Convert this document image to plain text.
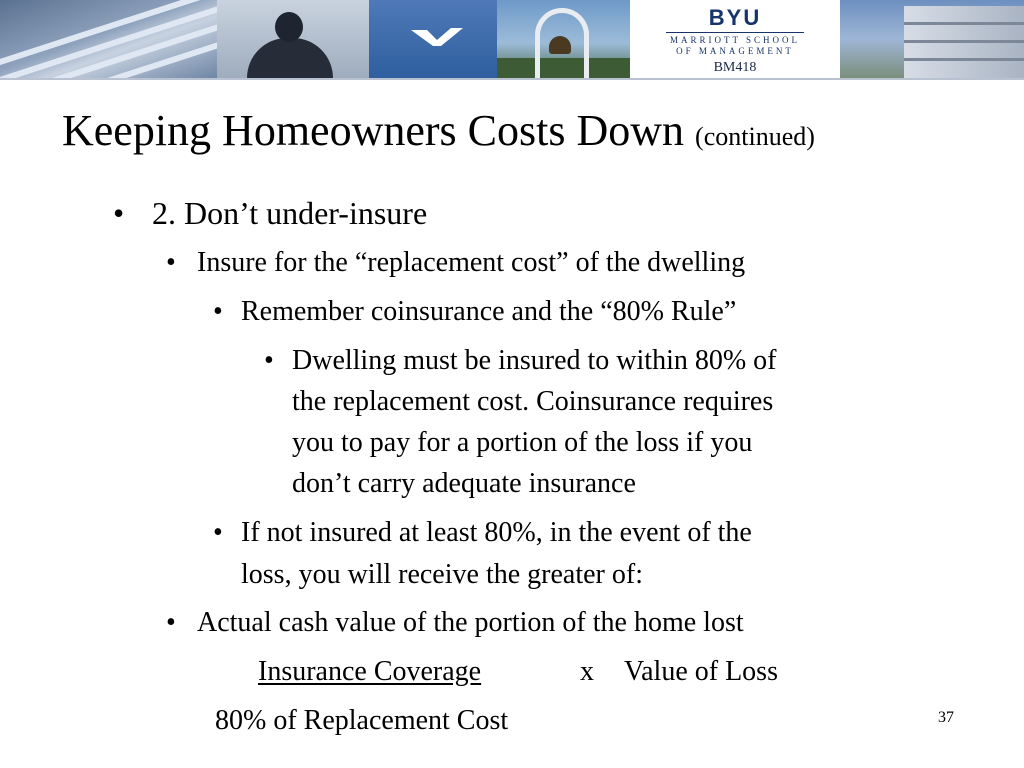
BYU
MARRIOTT SCHOOL
OF MANAGEMENT
BM418
Keeping Homeowners Costs Down (continued)
• 2. Don’t under-insure
• Insure for the “replacement cost” of the dwelling
• Remember coinsurance and the “80% Rule”
• Dwelling must be insured to within 80% of
the replacement cost. Coinsurance requires
you to pay for a portion of the loss if you
don’t carry adequate insurance
• If not insured at least 80%, in the event of the
loss, you will receive the greater of:
• Actual cash value of the portion of the home lost
Insurance Coverage	x Value of Loss
80% of Replacement Cost	37
